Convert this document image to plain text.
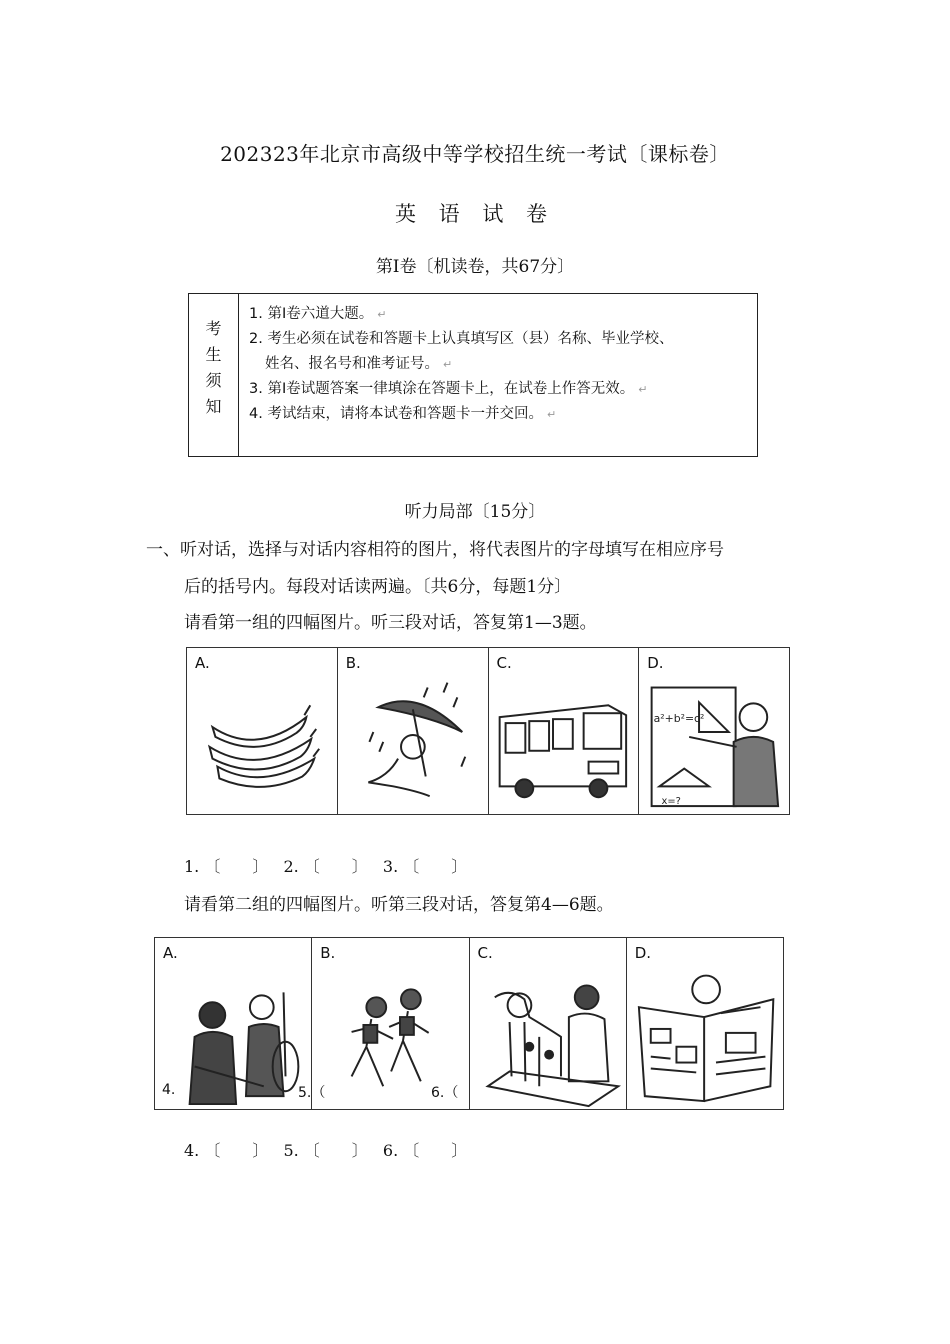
202323年北京市高级中等学校招生统一考试〔课标卷〕
英 语 试 卷
第I卷〔机读卷，共67分〕
考
生
须
知
1. 第Ⅰ卷六道大题。 ↵
2. 考生必须在试卷和答题卡上认真填写区（县）名称、毕业学校、
姓名、报名号和准考证号。 ↵
3. 第Ⅰ卷试题答案一律填涂在答题卡上，在试卷上作答无效。 ↵
4. 考试结束，请将本试卷和答题卡一并交回。 ↵
听力局部〔15分〕
一、听对话，选择与对话内容相符的图片，将代表图片的字母填写在相应序号
后的括号内。每段对话读两遍。〔共6分，每题1分〕
请看第一组的四幅图片。听三段对话，答复第1—3题。
A.	B.	C.	D.
a²+b²=c²
x=?
1. 〔　　〕 2. 〔　　〕 3. 〔　　〕
请看第二组的四幅图片。听第三段对话，答复第4—6题。
A.	B.	C.	D.
4.	5.（	6.（
4. 〔　　〕 5. 〔　　〕 6. 〔　　〕
